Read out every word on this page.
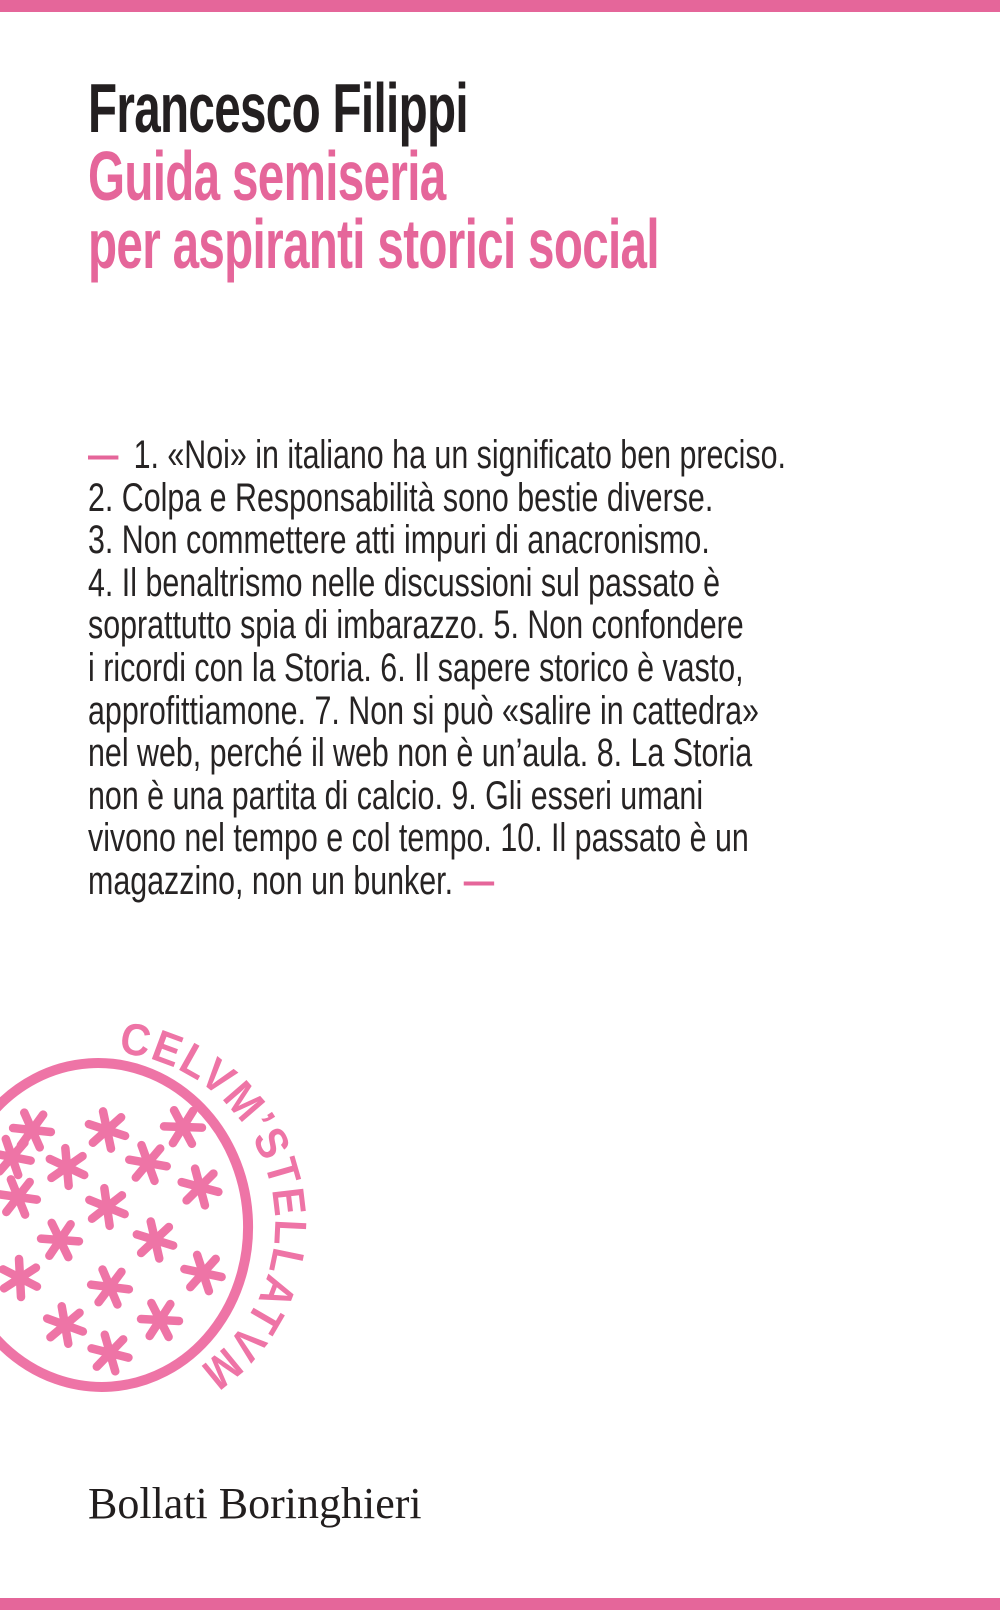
Francesco Filippi
Guida semiseria
per aspiranti storici social
— 1. «Noi» in italiano ha un significato ben preciso.
2. Colpa e Responsabilità sono bestie diverse.
3. Non commettere atti impuri di anacronismo.
4. Il benaltrismo nelle discussioni sul passato è
soprattutto spia di imbarazzo. 5. Non confondere
i ricordi con la Storia. 6. Il sapere storico è vasto,
approfittiamone. 7. Non si può «salire in cattedra»
nel web, perché il web non è un’aula. 8. La Storia
non è una partita di calcio. 9. Gli esseri umani
vivono nel tempo e col tempo. 10. Il passato è un
magazzino, non un bunker. —
CELVM’STELLATVM
Bollati Boringhieri
